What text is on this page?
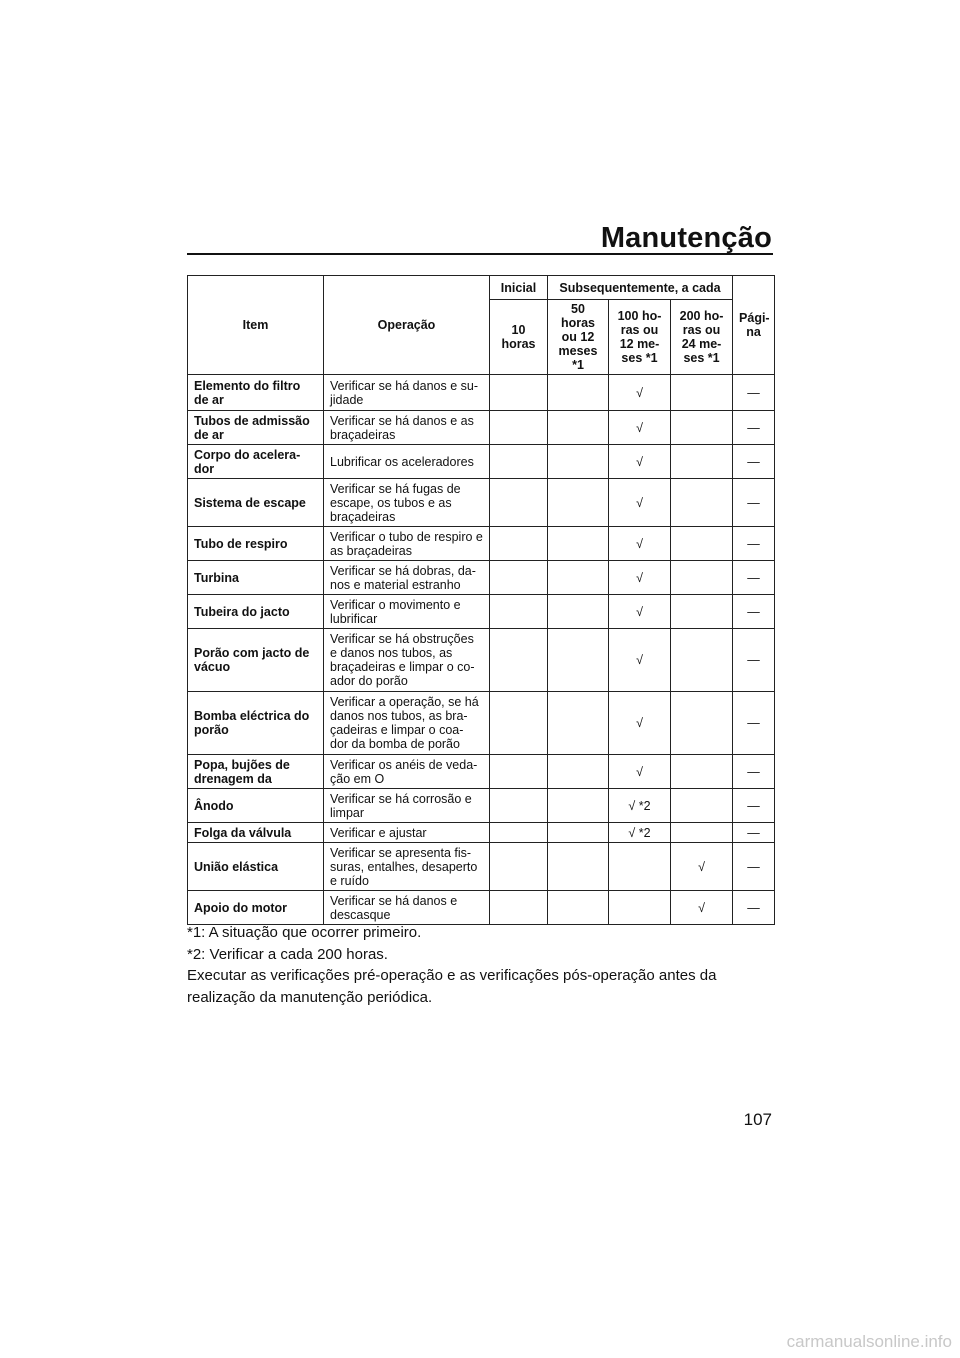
Manutenção
Item	Operação	Inicial	Subsequentemente, a cada			Pági- na
		10 horas	50 horas ou 12 meses *1	100 ho- ras ou 12 me- ses *1	200 ho- ras ou 24 me- ses *1	
Elemento do filtro de ar	Verificar se há danos e su- jidade			√		—
Tubos de admissão de ar	Verificar se há danos e as braçadeiras			√		—
Corpo do acelera- dor	Lubrificar os aceleradores			√		—
Sistema de escape	Verificar se há fugas de escape, os tubos e as braçadeiras			√		—
Tubo de respiro	Verificar o tubo de respiro e as braçadeiras			√		—
Turbina	Verificar se há dobras, da- nos e material estranho			√		—
Tubeira do jacto	Verificar o movimento e lubrificar			√		—
Porão com jacto de vácuo	Verificar se há obstruções e danos nos tubos, as braçadeiras e limpar o co- ador do porão			√		—
Bomba eléctrica do porão	Verificar a operação, se há danos nos tubos, as bra- çadeiras e limpar o coa- dor da bomba de porão			√		—
Popa, bujões de drenagem da	Verificar os anéis de veda- ção em O			√		—
Ânodo	Verificar se há corrosão e limpar			√ *2		—
Folga da válvula	Verificar e ajustar			√ *2		—
União elástica	Verificar se apresenta fis- suras, entalhes, desaperto e ruído				√	—
Apoio do motor	Verificar se há danos e descasque				√	—

*1: A situação que ocorrer primeiro.

*2: Verificar a cada 200 horas.

Executar as verificações pré-operação e as verificações pós-operação antes da realização da manutenção periódica.

107
carmanualsonline.info
